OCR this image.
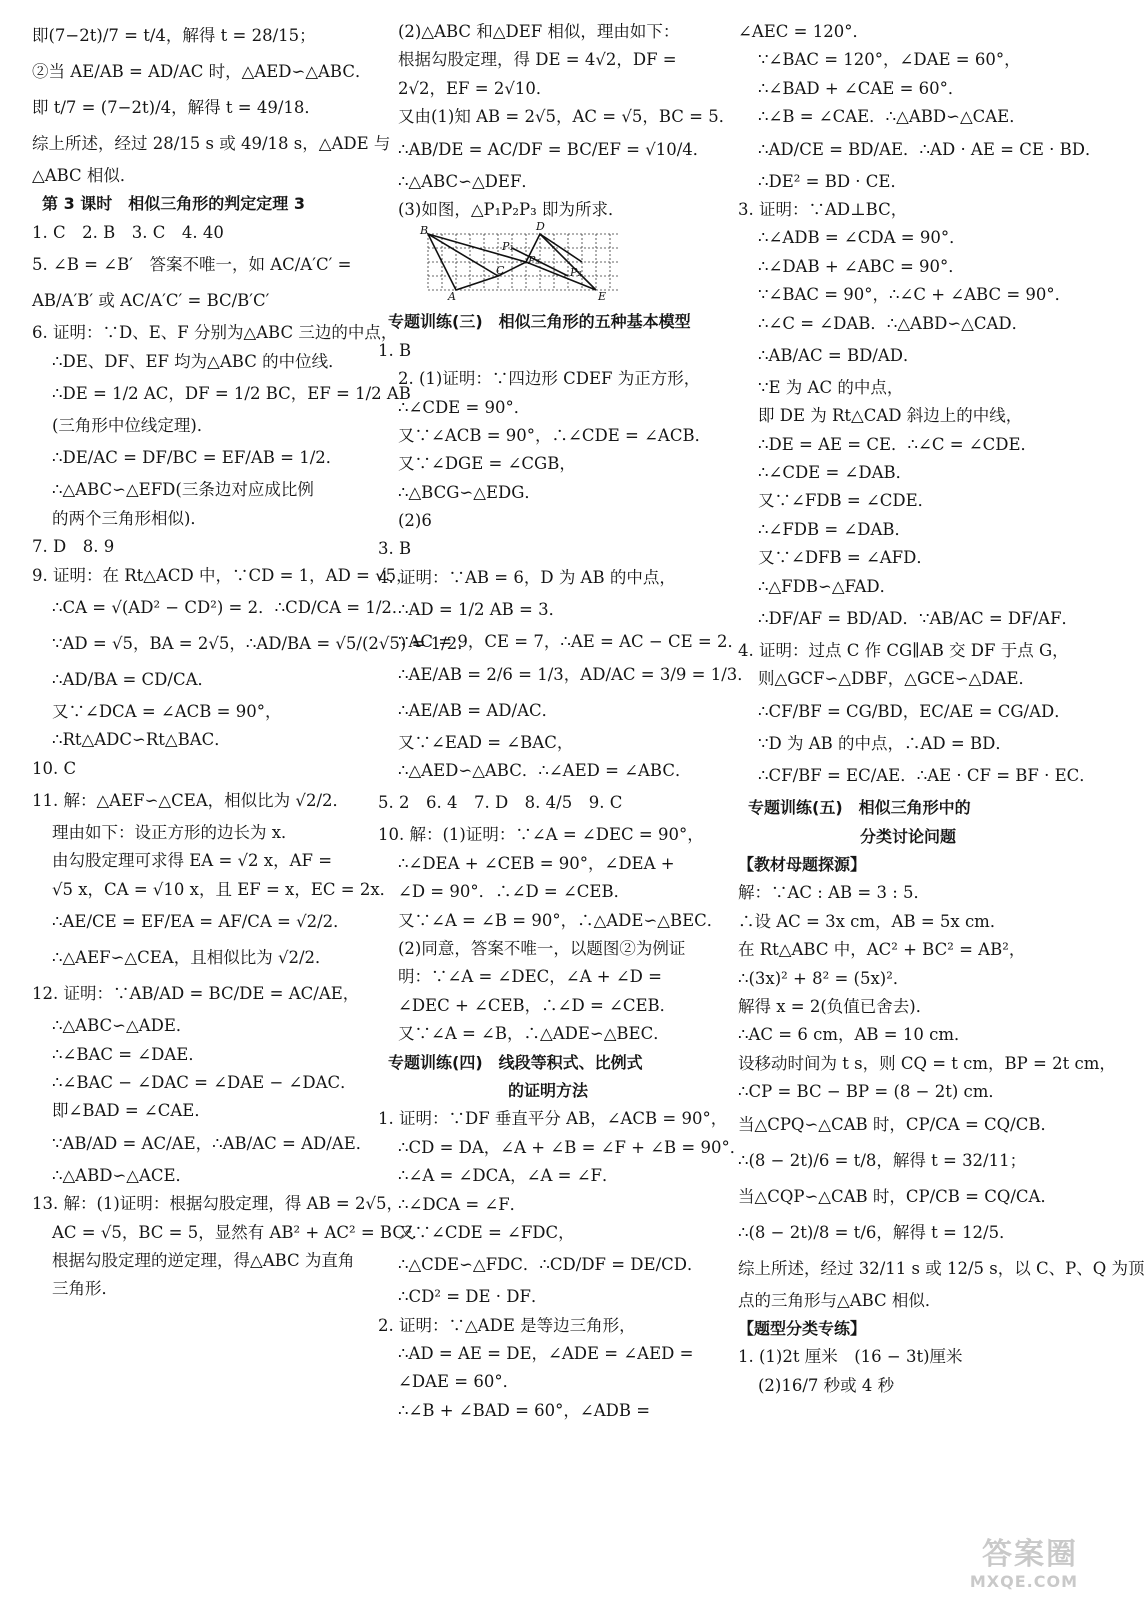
即(7−2t)/7 = t/4，解得 t = 28/15；
②当 AE/AB = AD/AC 时，△AED∽△ABC．
即 t/7 = (7−2t)/4，解得 t = 49/18．
综上所述，经过 28/15 s 或 49/18 s，△ADE 与
△ABC 相似．
第 3 课时　相似三角形的判定定理 3
1. C　2. B　3. C　4. 40
5. ∠B = ∠B′　答案不唯一，如 AC/A′C′ =
AB/A′B′ 或 AC/A′C′ = BC/B′C′
6. 证明：∵D、E、F 分别为△ABC 三边的中点，
∴DE、DF、EF 均为△ABC 的中位线．
∴DE = 1/2 AC，DF = 1/2 BC，EF = 1/2 AB
(三角形中位线定理)．
∴DE/AC = DF/BC = EF/AB = 1/2．
∴△ABC∽△EFD(三条边对应成比例
的两个三角形相似)．
7. D　8. 9
9. 证明：在 Rt△ACD 中，∵CD = 1，AD = √5，
∴CA = √(AD² − CD²) = 2．∴CD/CA = 1/2．
∵AD = √5，BA = 2√5，∴AD/BA = √5/(2√5) = 1/2．
∴AD/BA = CD/CA．
又∵∠DCA = ∠ACB = 90°，
∴Rt△ADC∽Rt△BAC．
10. C
11. 解：△AEF∽△CEA，相似比为 √2/2．
理由如下：设正方形的边长为 x．
由勾股定理可求得 EA = √2 x，AF =
√5 x，CA = √10 x，且 EF = x，EC = 2x．
∴AE/CE = EF/EA = AF/CA = √2/2．
∴△AEF∽△CEA，且相似比为 √2/2．
12. 证明：∵AB/AD = BC/DE = AC/AE，
∴△ABC∽△ADE．
∴∠BAC = ∠DAE．
∴∠BAC − ∠DAC = ∠DAE − ∠DAC．
即∠BAD = ∠CAE．
∵AB/AD = AC/AE，∴AB/AC = AD/AE．
∴△ABD∽△ACE．
13. 解：(1)证明：根据勾股定理，得 AB = 2√5，
AC = √5，BC = 5，显然有 AB² + AC² = BC²．
根据勾股定理的逆定理，得△ABC 为直角
三角形．
(2)△ABC 和△DEF 相似，理由如下：
根据勾股定理，得 DE = 4√2，DF =
2√2，EF = 2√10．
又由(1)知 AB = 2√5，AC = √5，BC = 5．
∴AB/DE = AC/DF = BC/EF = √10/4．
∴△ABC∽△DEF．
(3)如图，△P₁P₂P₃ 即为所求．
B	D
P₁
P₂
P₃
C
A	E
专题训练(三)　相似三角形的五种基本模型
1. B
2. (1)证明：∵四边形 CDEF 为正方形，
∴∠CDE = 90°．
又∵∠ACB = 90°，∴∠CDE = ∠ACB．
又∵∠DGE = ∠CGB，
∴△BCG∽△EDG．
(2)6
3. B
4. 证明：∵AB = 6，D 为 AB 的中点，
∴AD = 1/2 AB = 3．
∵AC = 9，CE = 7，∴AE = AC − CE = 2．
∴AE/AB = 2/6 = 1/3，AD/AC = 3/9 = 1/3．
∴AE/AB = AD/AC．
又∵∠EAD = ∠BAC，
∴△AED∽△ABC．∴∠AED = ∠ABC．
5. 2　6. 4　7. D　8. 4/5　9. C
10. 解：(1)证明：∵∠A = ∠DEC = 90°，
∴∠DEA + ∠CEB = 90°，∠DEA +
∠D = 90°．∴∠D = ∠CEB．
又∵∠A = ∠B = 90°，∴△ADE∽△BEC．
(2)同意，答案不唯一，以题图②为例证
明：∵∠A = ∠DEC，∠A + ∠D =
∠DEC + ∠CEB，∴∠D = ∠CEB．
又∵∠A = ∠B，∴△ADE∽△BEC．
专题训练(四)　线段等积式、比例式
的证明方法
1. 证明：∵DF 垂直平分 AB，∠ACB = 90°，
∴CD = DA，∠A + ∠B = ∠F + ∠B = 90°．
∴∠A = ∠DCA，∠A = ∠F．
∴∠DCA = ∠F．
又∵∠CDE = ∠FDC，
∴△CDE∽△FDC．∴CD/DF = DE/CD．
∴CD² = DE · DF．
2. 证明：∵△ADE 是等边三角形，
∴AD = AE = DE，∠ADE = ∠AED =
∠DAE = 60°．
∴∠B + ∠BAD = 60°，∠ADB =
∠AEC = 120°．
∵∠BAC = 120°，∠DAE = 60°，
∴∠BAD + ∠CAE = 60°．
∴∠B = ∠CAE．∴△ABD∽△CAE．
∴AD/CE = BD/AE．∴AD · AE = CE · BD．
∴DE² = BD · CE．
3. 证明：∵AD⊥BC，
∴∠ADB = ∠CDA = 90°．
∴∠DAB + ∠ABC = 90°．
∵∠BAC = 90°，∴∠C + ∠ABC = 90°．
∴∠C = ∠DAB．∴△ABD∽△CAD．
∴AB/AC = BD/AD．
∵E 为 AC 的中点，
即 DE 为 Rt△CAD 斜边上的中线，
∴DE = AE = CE．∴∠C = ∠CDE．
∴∠CDE = ∠DAB．
又∵∠FDB = ∠CDE．
∴∠FDB = ∠DAB．
又∵∠DFB = ∠AFD．
∴△FDB∽△FAD．
∴DF/AF = BD/AD．∵AB/AC = DF/AF．
4. 证明：过点 C 作 CG∥AB 交 DF 于点 G，
则△GCF∽△DBF，△GCE∽△DAE．
∴CF/BF = CG/BD，EC/AE = CG/AD．
∵D 为 AB 的中点，∴AD = BD．
∴CF/BF = EC/AE．∴AE · CF = BF · EC．
专题训练(五)　相似三角形中的
分类讨论问题
【教材母题探源】
解：∵AC : AB = 3 : 5．
∴设 AC = 3x cm，AB = 5x cm．
在 Rt△ABC 中，AC² + BC² = AB²，
∴(3x)² + 8² = (5x)²．
解得 x = 2(负值已舍去)．
∴AC = 6 cm，AB = 10 cm．
设移动时间为 t s，则 CQ = t cm，BP = 2t cm，
∴CP = BC − BP = (8 − 2t) cm．
当△CPQ∽△CAB 时，CP/CA = CQ/CB．
∴(8 − 2t)/6 = t/8，解得 t = 32/11；
当△CQP∽△CAB 时，CP/CB = CQ/CA．
∴(8 − 2t)/8 = t/6，解得 t = 12/5．
综上所述，经过 32/11 s 或 12/5 s，以 C、P、Q 为顶
点的三角形与△ABC 相似．
【题型分类专练】
1. (1)2t 厘米　(16 − 3t)厘米
(2)16/7 秒或 4 秒
答案圈
MXQE.COM
